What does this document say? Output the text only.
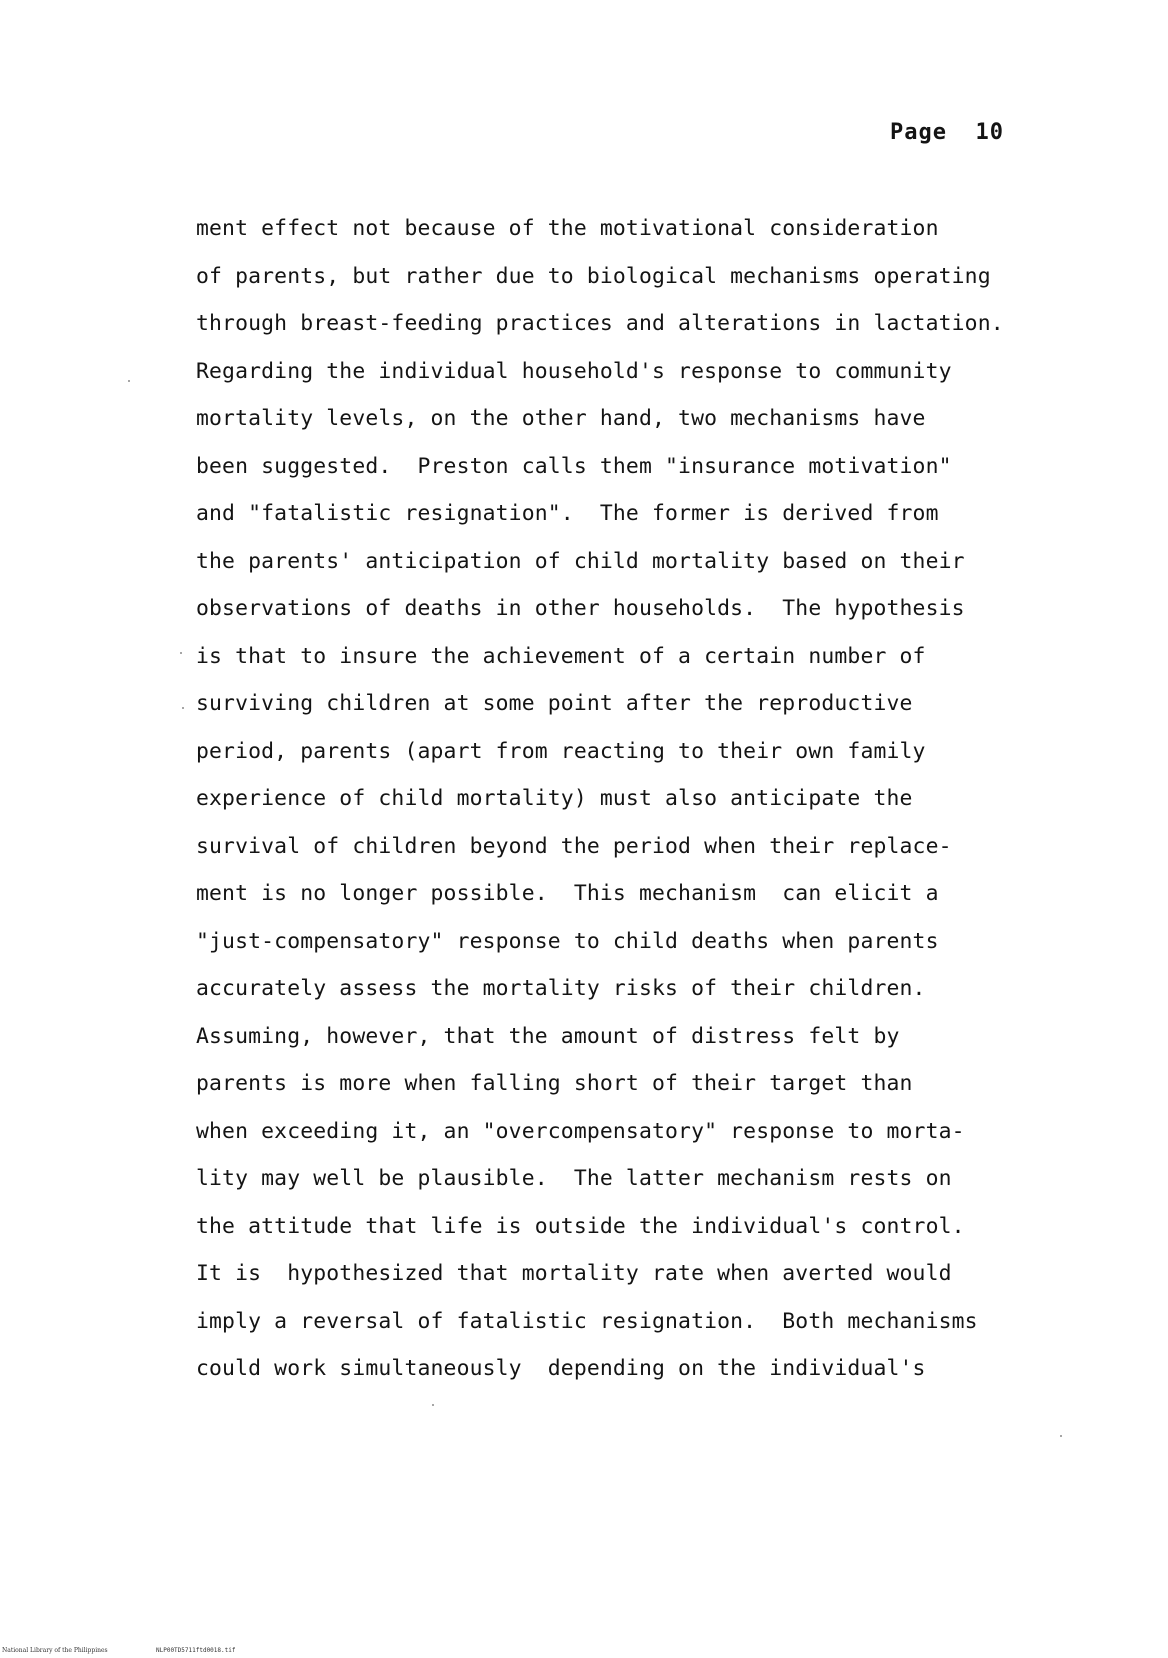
Page  10
ment effect not because of the motivational consideration
of parents, but rather due to biological mechanisms operating
through breast-feeding practices and alterations in lactation.
Regarding the individual household's response to community
mortality levels, on the other hand, two mechanisms have
been suggested.  Preston calls them "insurance motivation"
and "fatalistic resignation".  The former is derived from
the parents' anticipation of child mortality based on their
observations of deaths in other households.  The hypothesis
is that to insure the achievement of a certain number of
surviving children at some point after the reproductive
period, parents (apart from reacting to their own family
experience of child mortality) must also anticipate the
survival of children beyond the period when their replace-
ment is no longer possible.  This mechanism  can elicit a
"just-compensatory" response to child deaths when parents
accurately assess the mortality risks of their children.
Assuming, however, that the amount of distress felt by
parents is more when falling short of their target than
when exceeding it, an "overcompensatory" response to morta-
lity may well be plausible.  The latter mechanism rests on
the attitude that life is outside the individual's control.
It is  hypothesized that mortality rate when averted would
imply a reversal of fatalistic resignation.  Both mechanisms
could work simultaneously  depending on the individual's
National Library of the Philippines	NLP00TD5711ftd0018.tif
